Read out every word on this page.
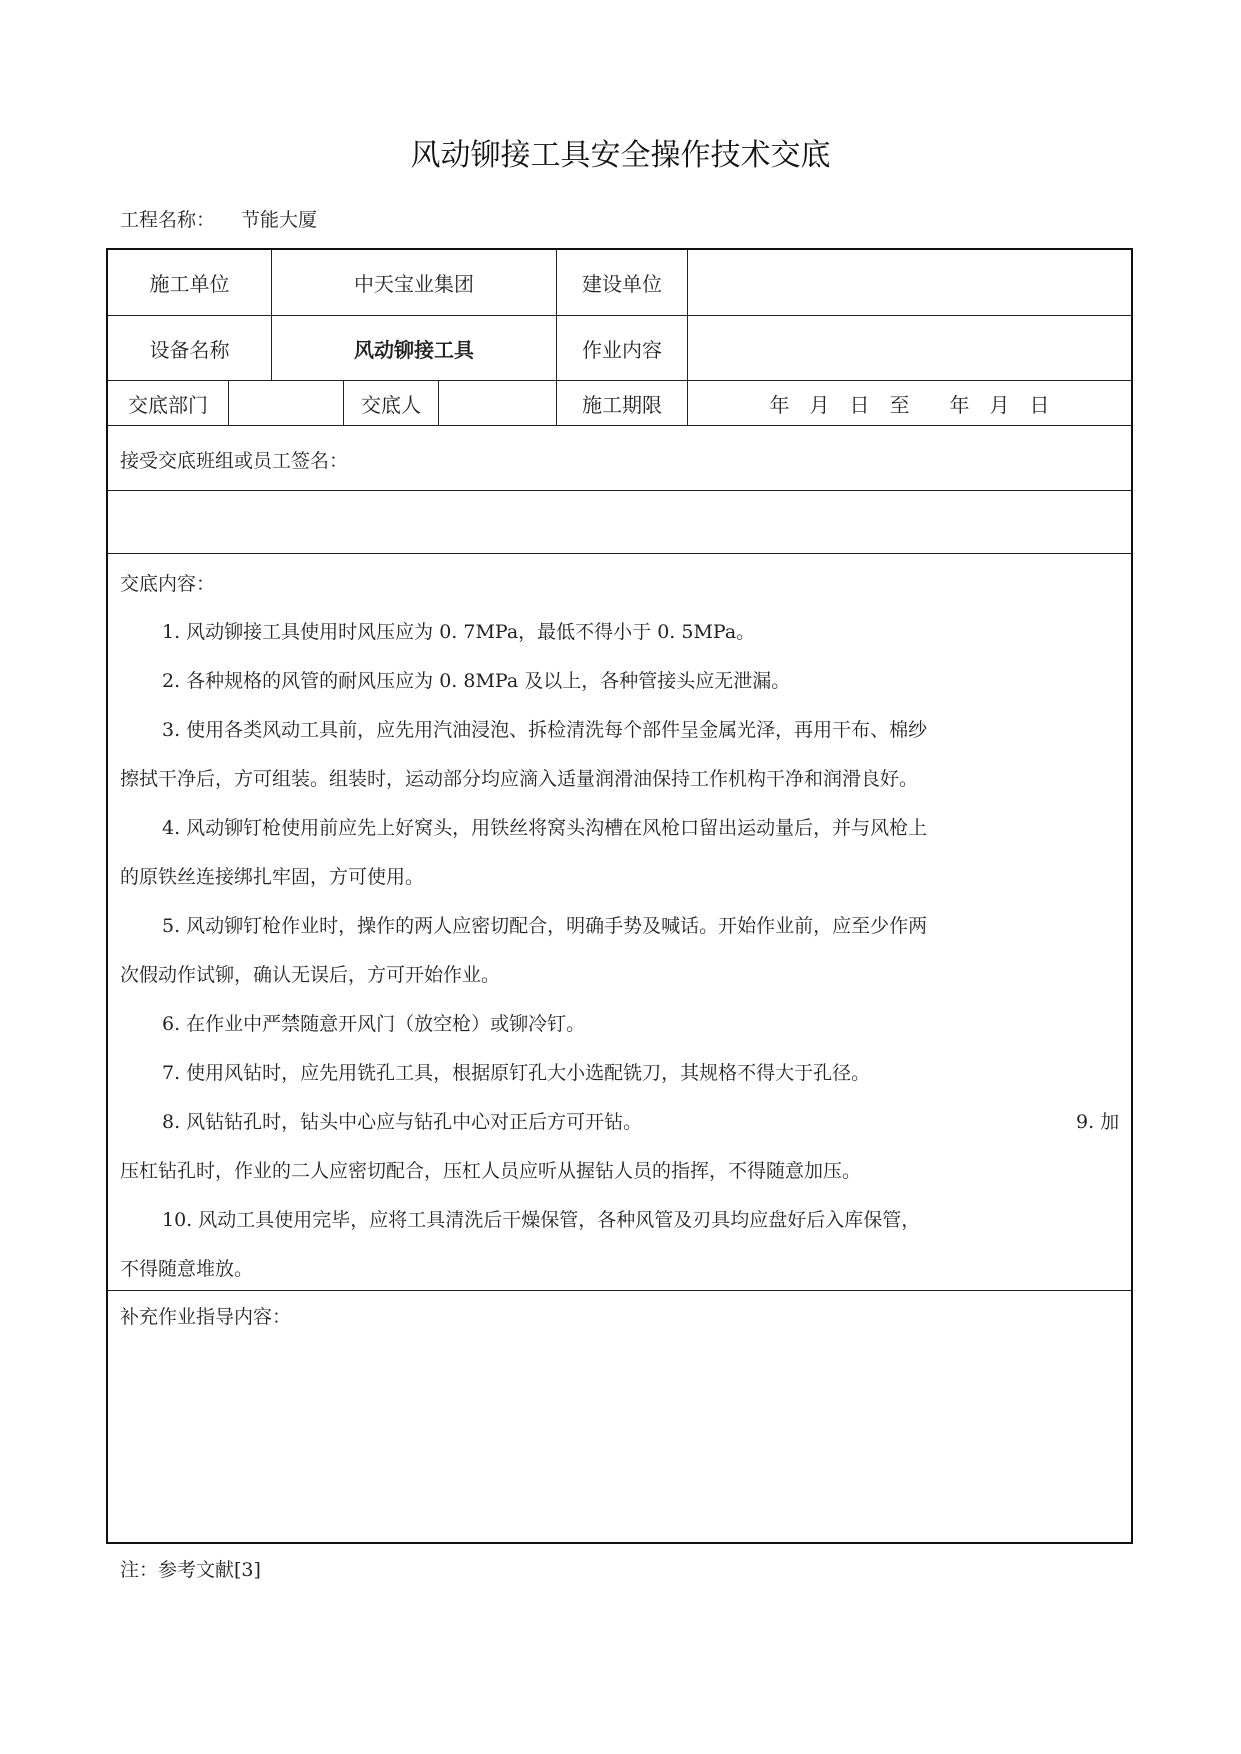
风动铆接工具安全操作技术交底
工程名称： 节能大厦
施工单位	中天宝业集团	建设单位
设备名称	风动铆接工具	作业内容
交底部门	交底人	施工期限	年　月　日　至　　年　月　日
接受交底班组或员工签名：
补充作业指导内容：
交底内容：
1. 风动铆接工具使用时风压应为 0. 7MPa，最低不得小于 0. 5MPa。
2. 各种规格的风管的耐风压应为 0. 8MPa 及以上，各种管接头应无泄漏。
3. 使用各类风动工具前，应先用汽油浸泡、拆检清洗每个部件呈金属光泽，再用干布、棉纱
擦拭干净后，方可组装。组装时，运动部分均应滴入适量润滑油保持工作机构干净和润滑良好。
4. 风动铆钉枪使用前应先上好窝头，用铁丝将窝头沟槽在风枪口留出运动量后，并与风枪上
的原铁丝连接绑扎牢固，方可使用。
5. 风动铆钉枪作业时，操作的两人应密切配合，明确手势及喊话。开始作业前，应至少作两
次假动作试铆，确认无误后，方可开始作业。
6. 在作业中严禁随意开风门（放空枪）或铆冷钉。
7. 使用风钻时，应先用铣孔工具，根据原钉孔大小选配铣刀，其规格不得大于孔径。
8. 风钻钻孔时，钻头中心应与钻孔中心对正后方可开钻。	9. 加
压杠钻孔时，作业的二人应密切配合，压杠人员应听从握钻人员的指挥，不得随意加压。
10. 风动工具使用完毕，应将工具清洗后干燥保管，各种风管及刃具均应盘好后入库保管，
不得随意堆放。
注：参考文献[3]
